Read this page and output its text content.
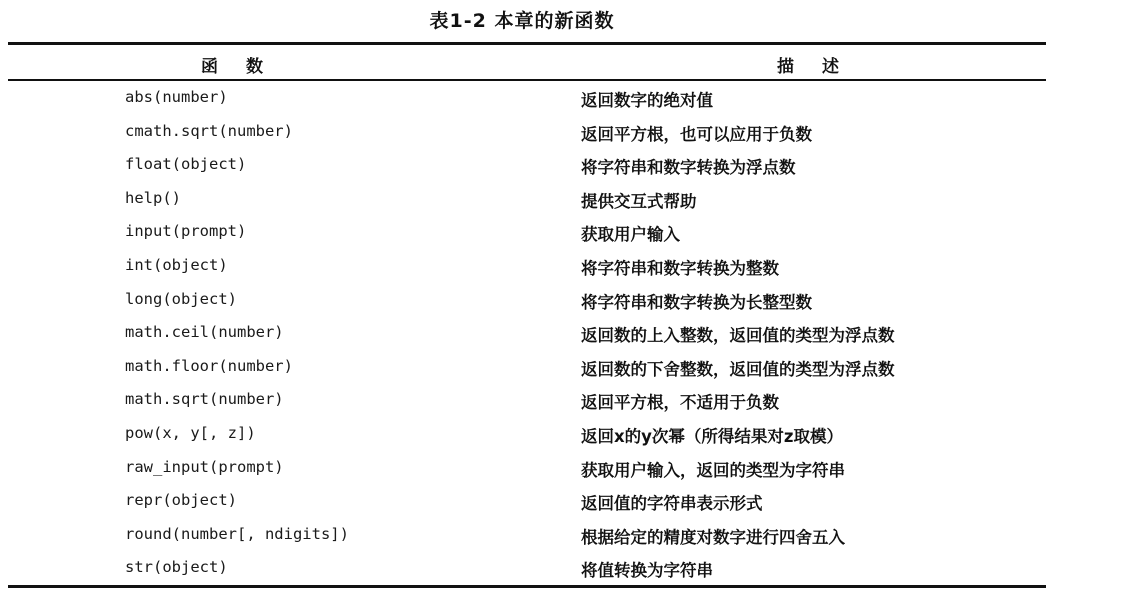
表1-2 本章的新函数
函数	描述
abs(number)	返回数字的绝对值
cmath.sqrt(number)	返回平方根，也可以应用于负数
float(object)	将字符串和数字转换为浮点数
help()	提供交互式帮助
input(prompt)	获取用户输入
int(object)	将字符串和数字转换为整数
long(object)	将字符串和数字转换为长整型数
math.ceil(number)	返回数的上入整数，返回值的类型为浮点数
math.floor(number)	返回数的下舍整数，返回值的类型为浮点数
math.sqrt(number)	返回平方根，不适用于负数
pow(x, y[, z])	返回x的y次幂（所得结果对z取模）
raw_input(prompt)	获取用户输入，返回的类型为字符串
repr(object)	返回值的字符串表示形式
round(number[, ndigits])	根据给定的精度对数字进行四舍五入
str(object)	将值转换为字符串
